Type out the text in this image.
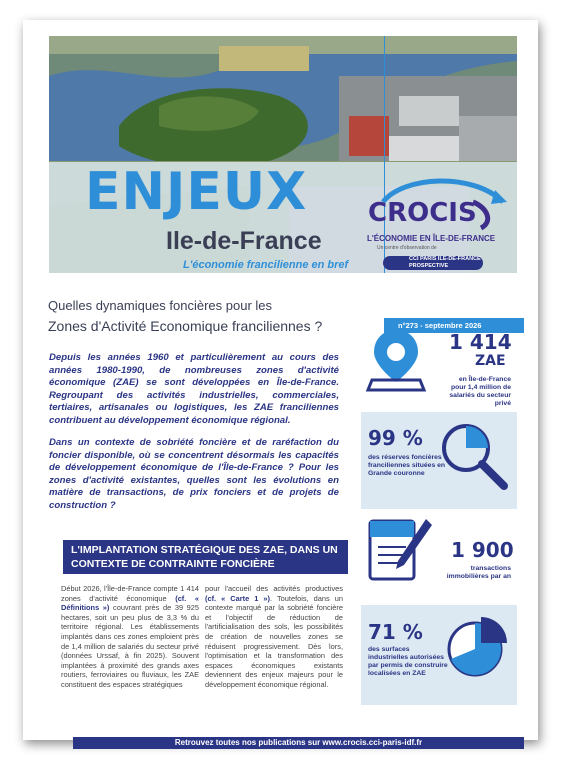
ENJEUX
Ile-de-France
L'économie francilienne en bref
CROCIS
L'ÉCONOMIE EN ÎLE-DE-FRANCE
Un centre d'observation de
CCI PARIS ILE-DE-FRANCE PROSPECTIVE
Quelles dynamiques foncières pour les
Zones d'Activité Economique franciliennes ?

Depuis les années 1960 et particulièrement au cours des années 1980-1990, de nombreuses zones d'activité économique (ZAE) se sont développées en Île-de-France. Regroupant des activités industrielles, commerciales, tertiaires, artisanales ou logistiques, les ZAE franciliennes contribuent au développement économique régional.

Dans un contexte de sobriété foncière et de raréfaction du foncier disponible, où se concentrent désormais les capacités de développement économique de l'Île-de-France ? Pour les zones d'activité existantes, quelles sont les évolutions en matière de transactions, de prix fonciers et de projets de construction ?

L'IMPLANTATION STRATÉGIQUE DES ZAE, DANS UN CONTEXTE DE CONTRAINTE FONCIÈRE CROISSANTE
Début 2026, l'Île-de-France compte 1 414 zones d'activité économique (cf. « Définitions ») couvrant près de 39 925 hectares, soit un peu plus de 3,3 % du territoire régional. Les établissements implantés dans ces zones emploient près de 1,4 million de salariés du secteur privé (données Urssaf, à fin 2025). Souvent implantées à proximité des grands axes routiers, ferroviaires ou fluviaux, les ZAE constituent des espaces stratégiques
pour l'accueil des activités productives (cf. « Carte 1 »). Toutefois, dans un contexte marqué par la sobriété foncière et l'objectif de réduction de l'artificialisation des sols, les possibilités de création de nouvelles zones se réduisent progressivement. Dès lors, l'optimisation et la transformation des espaces économiques existants deviennent des enjeux majeurs pour le développement économique régional.
n°273 - septembre 2026
1 414
ZAE
en Île-de-France pour 1,4 million de salariés du secteur privé
99 %
des réserves foncières franciliennes situées en Grande couronne
1 900
transactions immobilières par an
71 %
des surfaces industrielles autorisées par permis de construire localisées en ZAE
Retrouvez toutes nos publications sur www.crocis.cci-paris-idf.fr
